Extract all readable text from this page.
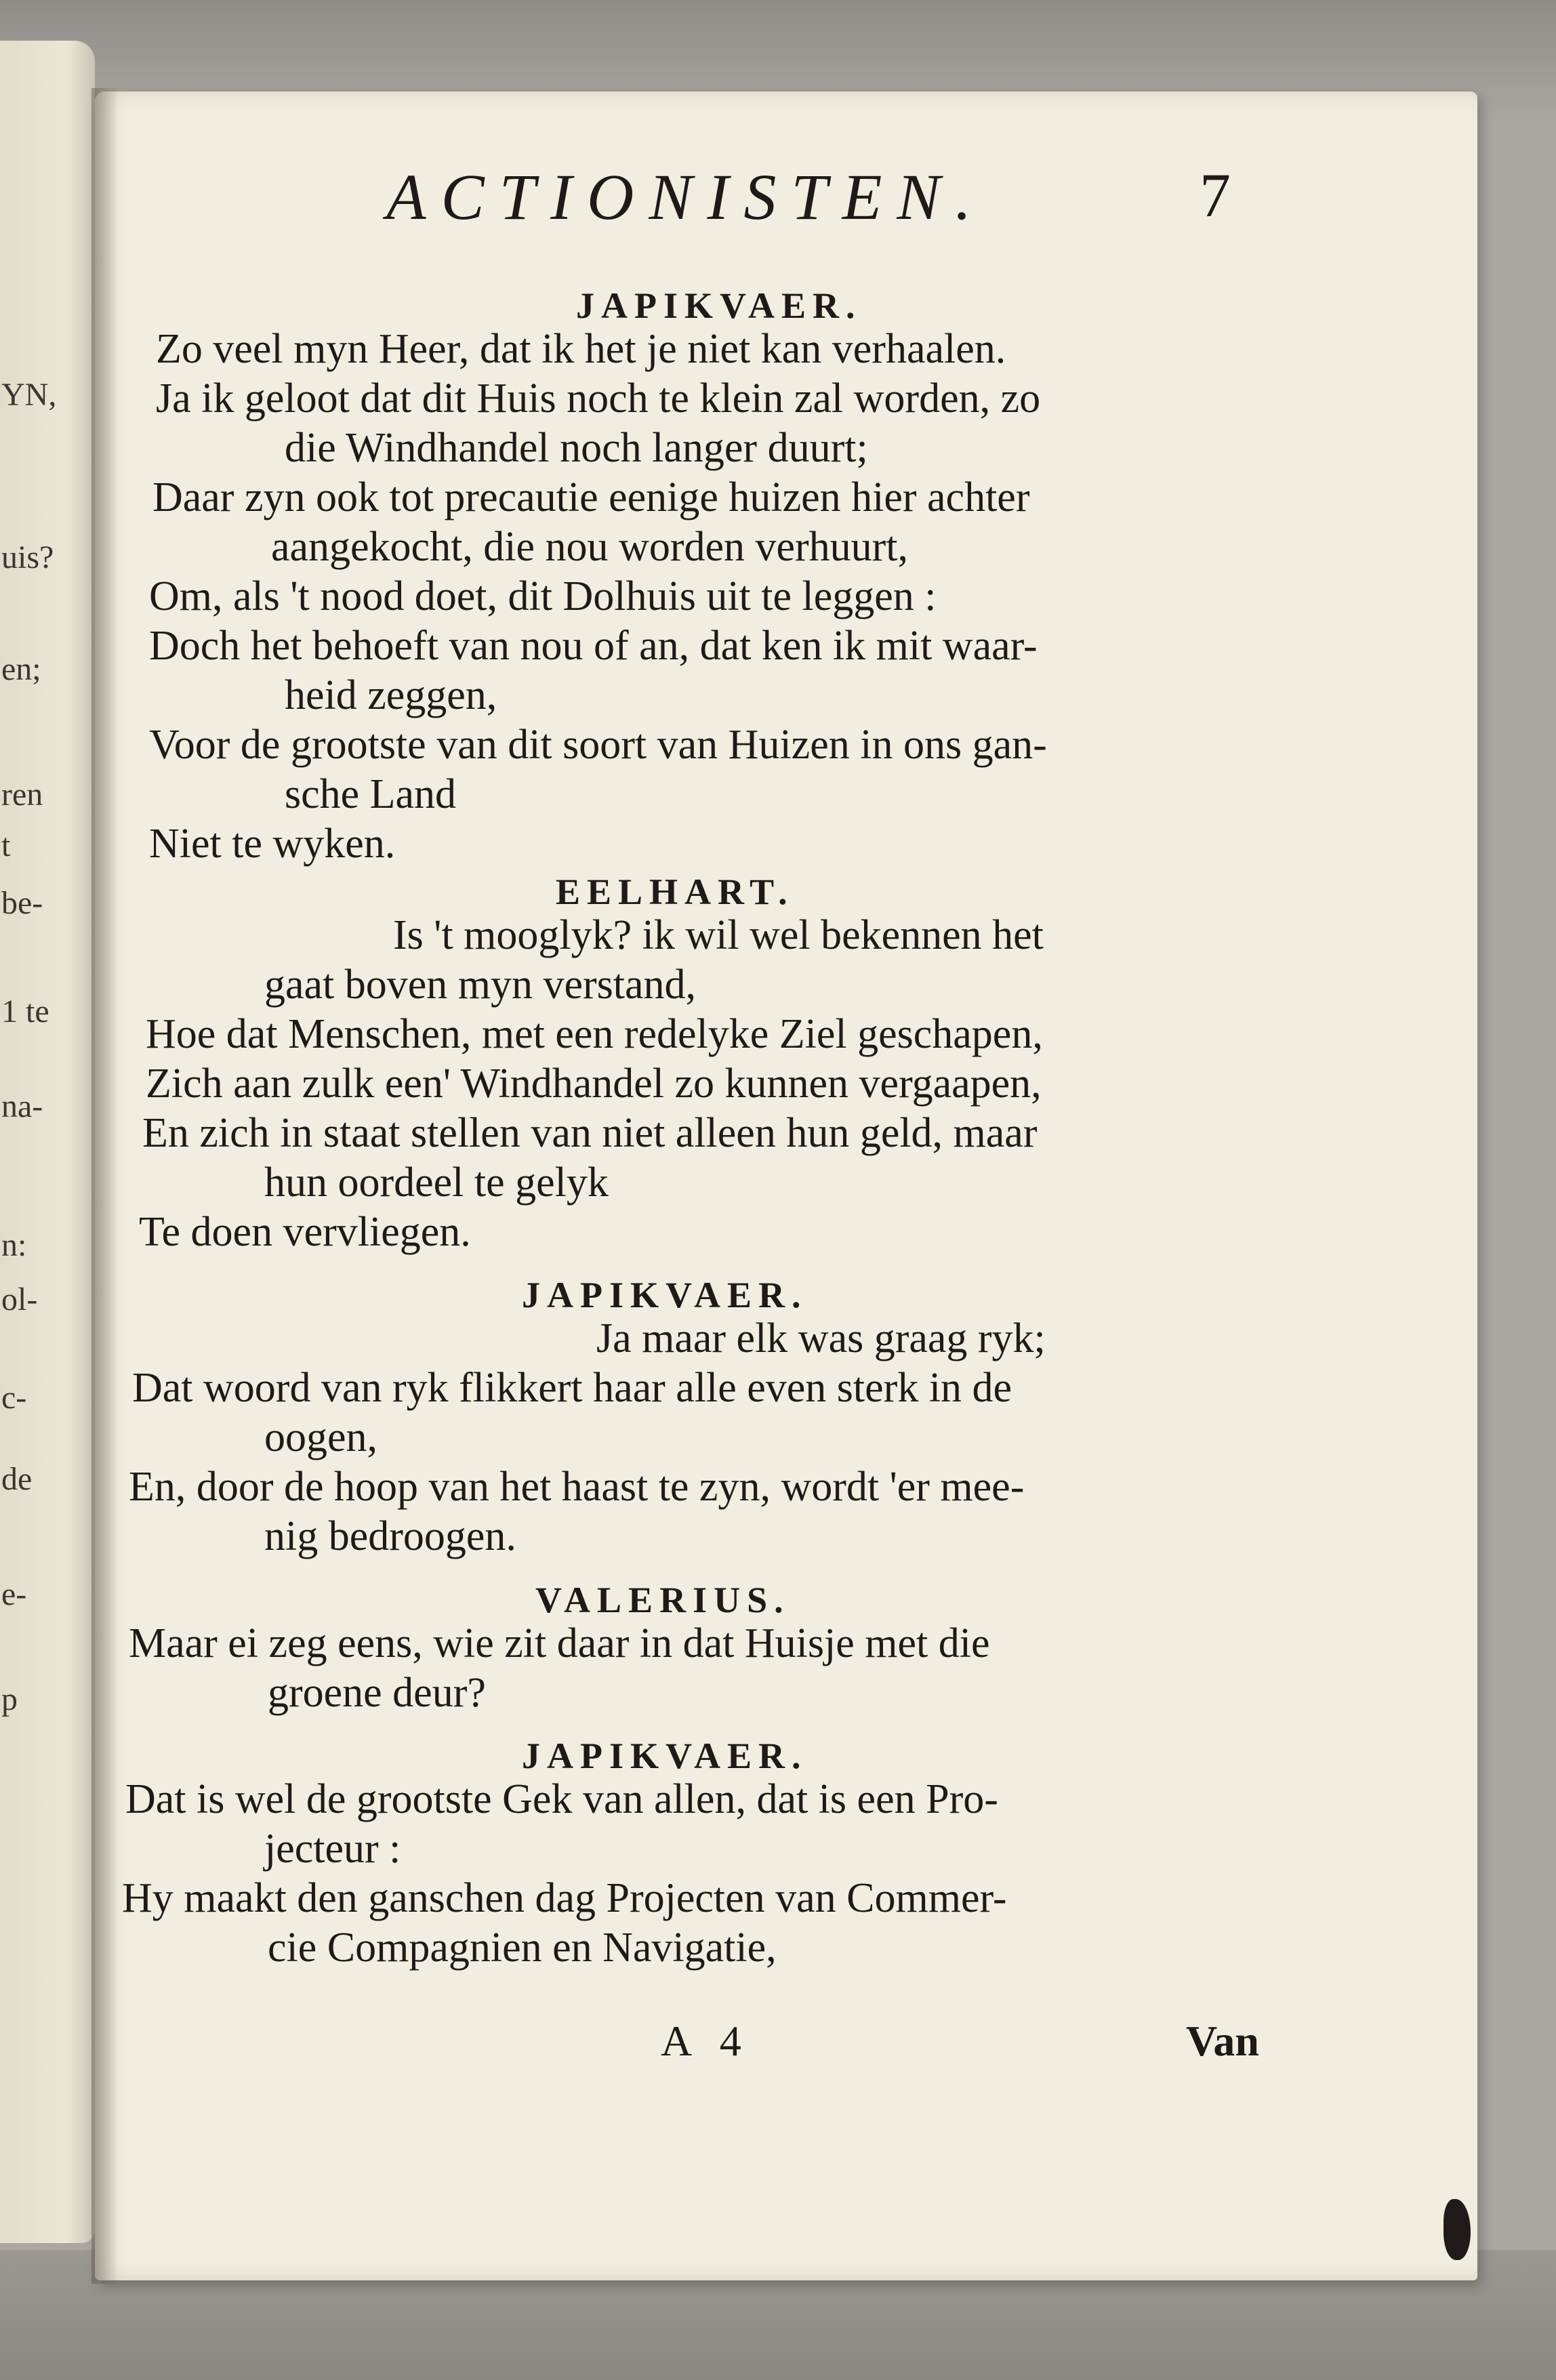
YN,
uis?
en;
ren
t
be-
1 te
na-
n:
ol-
c-
de
e-
p
ACTIONISTEN.	7
JAPIKVAER.
Zo veel myn Heer, dat ik het je niet kan verhaalen.
Ja ik geloot dat dit Huis noch te klein zal worden, zo
die Windhandel noch langer duurt;
Daar zyn ook tot precautie eenige huizen hier achter
aangekocht, die nou worden verhuurt,
Om, als 't nood doet, dit Dolhuis uit te leggen :
Doch het behoeft van nou of an, dat ken ik mit waar-
heid zeggen,
Voor de grootste van dit soort van Huizen in ons gan-
sche Land
Niet te wyken.
EELHART.
Is 't mooglyk? ik wil wel bekennen het
gaat boven myn verstand,
Hoe dat Menschen, met een redelyke Ziel geschapen,
Zich aan zulk een' Windhandel zo kunnen vergaapen,
En zich in staat stellen van niet alleen hun geld, maar
hun oordeel te gelyk
Te doen vervliegen.
JAPIKVAER.
Ja maar elk was graag ryk;
Dat woord van ryk flikkert haar alle even sterk in de
oogen,
En, door de hoop van het haast te zyn, wordt 'er mee-
nig bedroogen.
VALERIUS.
Maar ei zeg eens, wie zit daar in dat Huisje met die
groene deur?
JAPIKVAER.
Dat is wel de grootste Gek van allen, dat is een Pro-
jecteur :
Hy maakt den ganschen dag Projecten van Commer-
cie Compagnien en Navigatie,
A 4	Van
